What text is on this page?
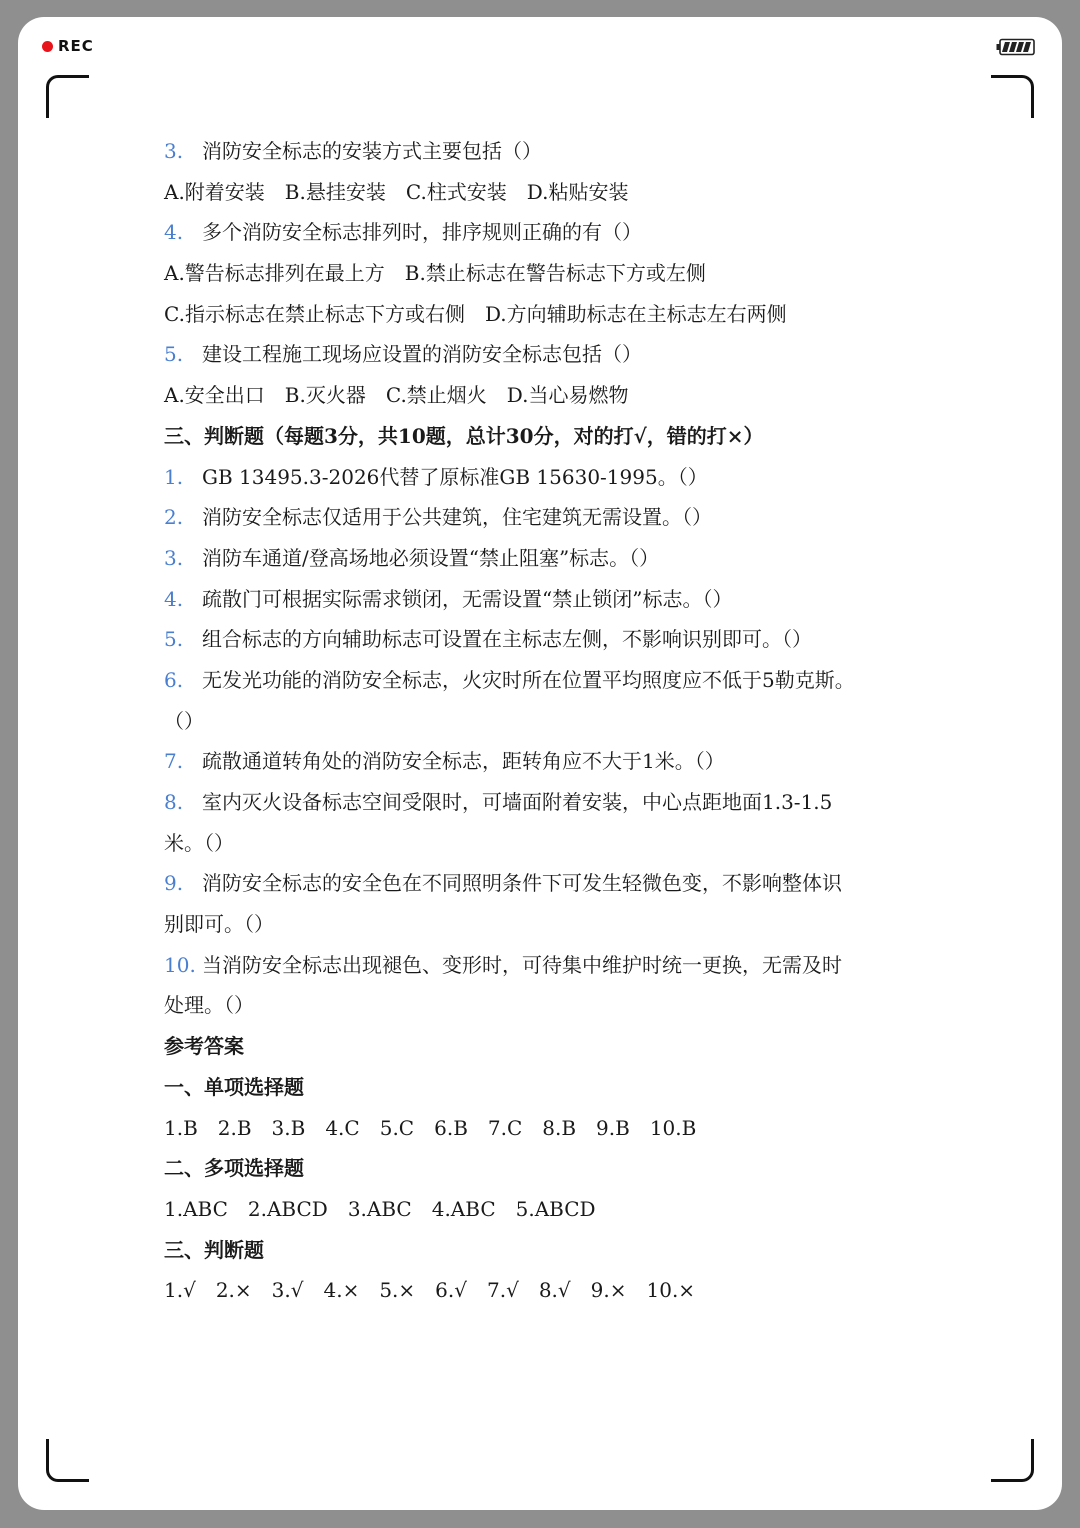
REC
3. 消防安全标志的安装方式主要包括（）
A.附着安装　B.悬挂安装　C.柱式安装　D.粘贴安装
4. 多个消防安全标志排列时，排序规则正确的有（）
A.警告标志排列在最上方　B.禁止标志在警告标志下方或左侧
C.指示标志在禁止标志下方或右侧　D.方向辅助标志在主标志左右两侧
5. 建设工程施工现场应设置的消防安全标志包括（）
A.安全出口　B.灭火器　C.禁止烟火　D.当心易燃物
三、判断题（每题3分，共10题，总计30分，对的打√，错的打×）
1. GB 13495.3-2026代替了原标准GB 15630-1995。（）
2. 消防安全标志仅适用于公共建筑，住宅建筑无需设置。（）
3. 消防车通道/登高场地必须设置“禁止阻塞”标志。（）
4. 疏散门可根据实际需求锁闭，无需设置“禁止锁闭”标志。（）
5. 组合标志的方向辅助标志可设置在主标志左侧，不影响识别即可。（）
6. 无发光功能的消防安全标志，火灾时所在位置平均照度应不低于5勒克斯。
（）
7. 疏散通道转角处的消防安全标志，距转角应不大于1米。（）
8. 室内灭火设备标志空间受限时，可墙面附着安装，中心点距地面1.3-1.5
米。（）
9. 消防安全标志的安全色在不同照明条件下可发生轻微色变，不影响整体识
别即可。（）
10. 当消防安全标志出现褪色、变形时，可待集中维护时统一更换，无需及时
处理。（）
参考答案
一、单项选择题
1.B　2.B　3.B　4.C　5.C　6.B　7.C　8.B　9.B　10.B
二、多项选择题
1.ABC　2.ABCD　3.ABC　4.ABC　5.ABCD
三、判断题
1.√　2.×　3.√　4.×　5.×　6.√　7.√　8.√　9.×　10.×
